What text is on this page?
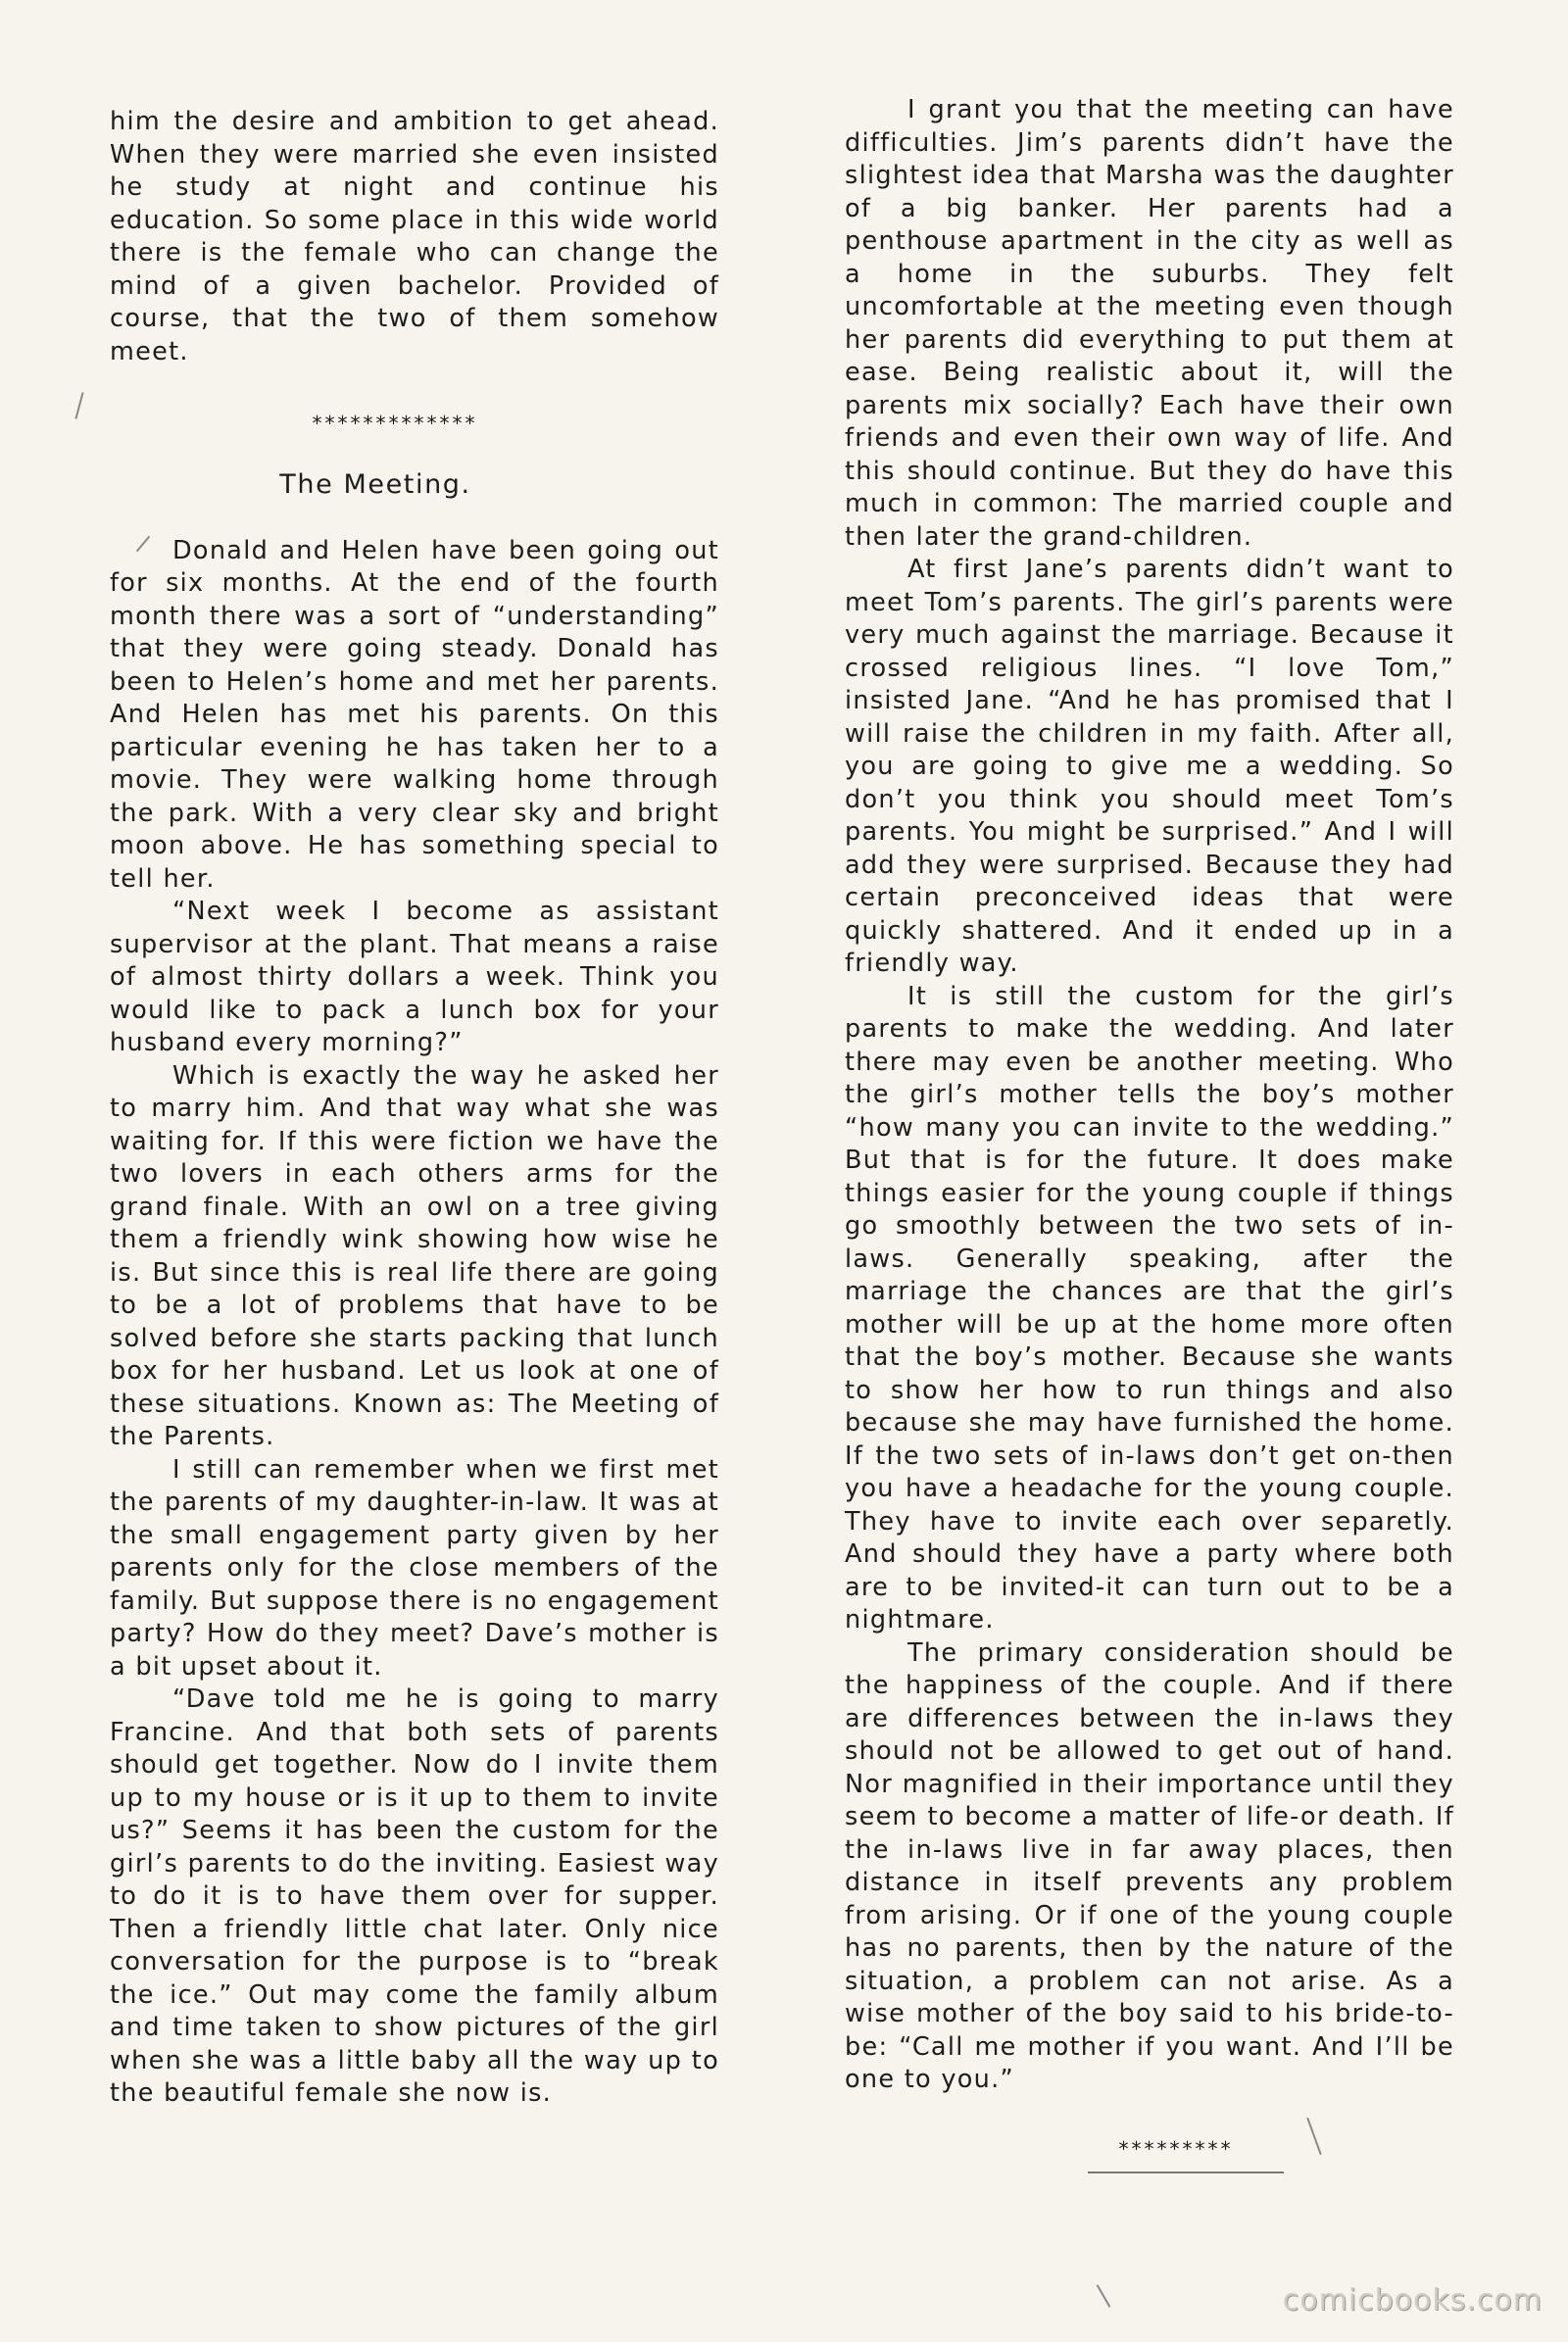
him the desire and ambition to get ahead. When they were married she even insisted he study at night and continue his education. So some place in this wide world there is the female who can change the mind of a given bachelor. Provided of course, that the two of them somehow meet.

*************
The Meeting.

Donald and Helen have been going out for six months. At the end of the fourth month there was a sort of “understanding” that they were going steady. Donald has been to Helen’s home and met her parents. And Helen has met his parents. On this particular evening he has taken her to a movie. They were walking home through the park. With a very clear sky and bright moon above. He has something special to tell her.

“Next week I become as assistant supervisor at the plant. That means a raise of almost thirty dollars a week. Think you would like to pack a lunch box for your husband every morning?”

Which is exactly the way he asked her to marry him. And that way what she was waiting for. If this were fiction we have the two lovers in each others arms for the grand finale. With an owl on a tree giving them a friendly wink showing how wise he is. But since this is real life there are going to be a lot of problems that have to be solved before she starts packing that lunch box for her husband. Let us look at one of these situations. Known as: The Meeting of the Parents.

I still can remember when we first met the parents of my daughter-in-law. It was at the small engagement party given by her parents only for the close members of the family. But suppose there is no engagement party? How do they meet? Dave’s mother is a bit upset about it.

“Dave told me he is going to marry Francine. And that both sets of parents should get together. Now do I invite them up to my house or is it up to them to invite us?” Seems it has been the custom for the girl’s parents to do the inviting. Easiest way to do it is to have them over for supper. Then a friendly little chat later. Only nice conversation for the purpose is to “break the ice.” Out may come the family album and time taken to show pictures of the girl when she was a little baby all the way up to the beautiful female she now is.

I grant you that the meeting can have difficulties. Jim’s parents didn’t have the slightest idea that Marsha was the daughter of a big banker. Her parents had a penthouse apartment in the city as well as a home in the suburbs. They felt uncomfortable at the meeting even though her parents did everything to put them at ease. Being realistic about it, will the parents mix socially? Each have their own friends and even their own way of life. And this should continue. But they do have this much in common: The married couple and then later the grand-children.

At first Jane’s parents didn’t want to meet Tom’s parents. The girl’s parents were very much against the marriage. Because it crossed religious lines. “I love Tom,” insisted Jane. “And he has promised that I will raise the children in my faith. After all, you are going to give me a wedding. So don’t you think you should meet Tom’s parents. You might be surprised.” And I will add they were surprised. Because they had certain preconceived ideas that were quickly shattered. And it ended up in a friendly way.

It is still the custom for the girl’s parents to make the wedding. And later there may even be another meeting. Who the girl’s mother tells the boy’s mother “how many you can invite to the wedding.” But that is for the future. It does make things easier for the young couple if things go smoothly between the two sets of in-laws. Generally speaking, after the marriage the chances are that the girl’s mother will be up at the home more often that the boy’s mother. Because she wants to show her how to run things and also because she may have furnished the home. If the two sets of in-laws don’t get on-then you have a headache for the young couple. They have to invite each over separetly. And should they have a party where both are to be invited-it can turn out to be a nightmare.

The primary consideration should be the happiness of the couple. And if there are differences between the in-laws they should not be allowed to get out of hand. Nor magnified in their importance until they seem to become a matter of life-or death. If the in-laws live in far away places, then distance in itself prevents any problem from arising. Or if one of the young couple has no parents, then by the nature of the situation, a problem can not arise. As a wise mother of the boy said to his bride-to-be: “Call me mother if you want. And I’ll be one to you.”

*********
comicbooks.com
